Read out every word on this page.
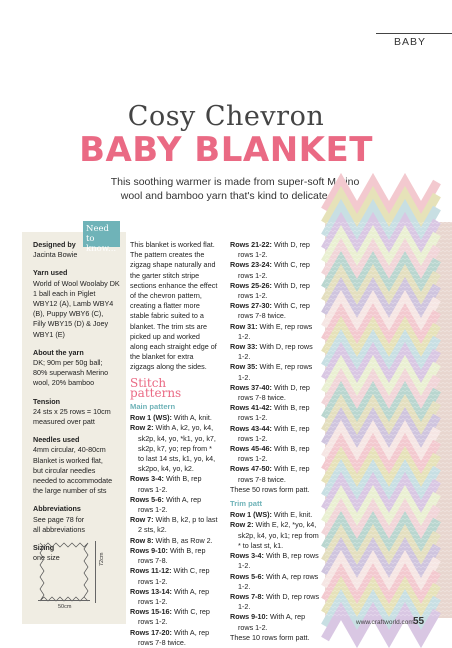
BABY
Cosy Chevron
BABY BLANKET
This soothing warmer is made from super-soft Merino wool and bamboo yarn that's kind to delicate skin
Need to know...
Designed by
Jacinta Bowie
Yarn used
World of Wool Woolaby DK
1 ball each in Piglet
WBY12 (A), Lamb WBY4
(B), Puppy WBY6 (C),
Filly WBY15 (D) & Joey
WBY1 (E)
About the yarn
DK; 90m per 50g ball;
80% superwash Merino
wool, 20% bamboo
Tension
24 sts x 25 rows = 10cm
measured over patt
Needles used
4mm circular, 40-80cm
Blanket is worked flat,
but circular needles
needed to accommodate
the large number of sts
Abbreviations
See page 78 for
all abbreviations
Sizing
one size
50cm
72cm
This blanket is worked flat. The pattern creates the zigzag shape naturally and the garter stitch stripe sections enhance the effect of the chevron pattern, creating a flatter more stable fabric suited to a blanket. The trim sts are picked up and worked along each straight edge of the blanket for extra zigzags along the sides.
Stitch patterns
Main pattern
Row 1 (WS): With A, knit.
Row 2: With A, k2, yo, k4, sk2p, k4, yo, *k1, yo, k7, sk2p, k7, yo; rep from * to last 14 sts, k1, yo, k4, sk2po, k4, yo, k2.
Rows 3-4: With B, rep rows 1-2.
Rows 5-6: With A, rep rows 1-2.
Row 7: With B, k2, p to last 2 sts, k2.
Row 8: With B, as Row 2.
Rows 9-10: With B, rep rows 7-8.
Rows 11-12: With C, rep rows 1-2.
Rows 13-14: With A, rep rows 1-2.
Rows 15-16: With C, rep rows 1-2.
Rows 17-20: With A, rep rows 7-8 twice.
Rows 21-22: With D, rep rows 1-2.
Rows 23-24: With C, rep rows 1-2.
Rows 25-26: With D, rep rows 1-2.
Rows 27-30: With C, rep rows 7-8 twice.
Row 31: With E, rep rows 1-2.
Row 33: With D, rep rows 1-2.
Row 35: With E, rep rows 1-2.
Rows 37-40: With D, rep rows 7-8 twice.
Rows 41-42: With B, rep rows 1-2.
Rows 43-44: With E, rep rows 1-2.
Rows 45-46: With B, rep rows 1-2.
Rows 47-50: With E, rep rows 7-8 twice.
These 50 rows form patt.
Trim patt
Row 1 (WS): With E, knit.
Row 2: With E, k2, *yo, k4, sk2p, k4, yo, k1; rep from * to last st, k1.
Rows 3-4: With B, rep rows 1-2.
Rows 5-6: With A, rep rows 1-2.
Rows 7-8: With D, rep rows 1-2.
Rows 9-10: With A, rep rows 1-2.
These 10 rows form patt.
www.craftworld.com 55
